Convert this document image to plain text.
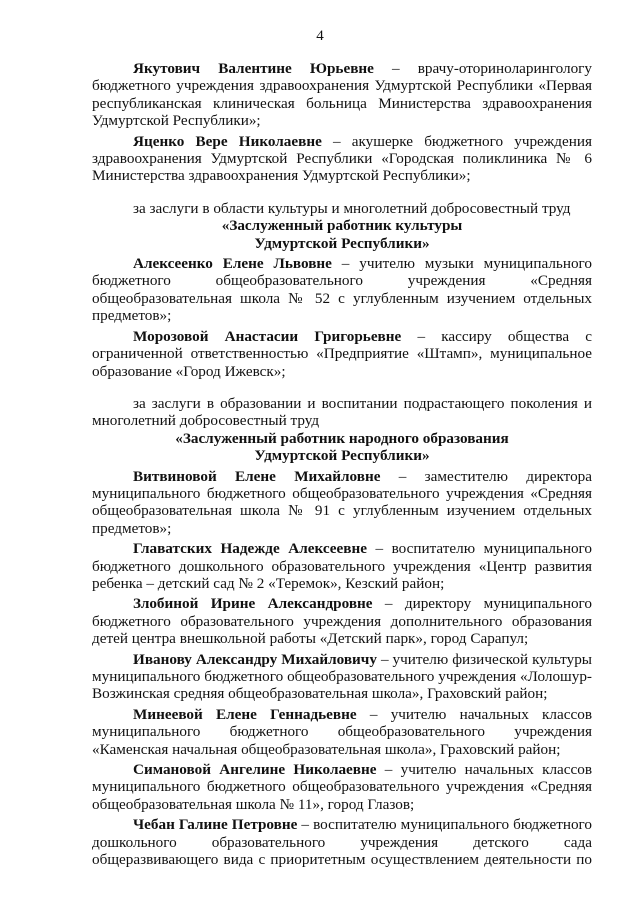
4

Якутович Валентине Юрьевне – врачу-оториноларингологу бюджетного учреждения здравоохранения Удмуртской Республики «Первая республиканская клиническая больница Министерства здравоохранения Удмуртской Республики»;

Яценко Вере Николаевне – акушерке бюджетного учреждения здравоохранения Удмуртской Республики «Городская поликлиника № 6 Министерства здравоохранения Удмуртской Республики»;

за заслуги в области культуры и многолетний добросовестный труд

«Заслуженный работник культуры

Удмуртской Республики»

Алексеенко Елене Львовне – учителю музыки муниципального бюджетного общеобразовательного учреждения «Средняя общеобразовательная школа № 52 с углубленным изучением отдельных предметов»;

Морозовой Анастасии Григорьевне – кассиру общества с ограниченной ответственностью «Предприятие «Штамп», муниципальное образование «Город Ижевск»;

за заслуги в образовании и воспитании подрастающего поколения и многолетний добросовестный труд

«Заслуженный работник народного образования

Удмуртской Республики»

Витвиновой Елене Михайловне – заместителю директора муниципального бюджетного общеобразовательного учреждения «Средняя общеобразовательная школа № 91 с углубленным изучением отдельных предметов»;

Главатских Надежде Алексеевне – воспитателю муниципального бюджетного дошкольного образовательного учреждения «Центр развития ребенка – детский сад № 2 «Теремок», Кезский район;

Злобиной Ирине Александровне – директору муниципального бюджетного образовательного учреждения дополнительного образования детей центра внешкольной работы «Детский парк», город Сарапул;

Иванову Александру Михайловичу – учителю физической культуры муниципального бюджетного общеобразовательного учреждения «Лолошур-Возжинская средняя общеобразовательная школа», Граховский район;

Минеевой Елене Геннадьевне – учителю начальных классов муниципального бюджетного общеобразовательного учреждения «Каменская начальная общеобразовательная школа», Граховский район;

Симановой Ангелине Николаевне – учителю начальных классов муниципального бюджетного общеобразовательного учреждения «Средняя общеобразовательная школа № 11», город Глазов;

Чебан Галине Петровне – воспитателю муниципального бюджетного дошкольного образовательного учреждения детского сада общеразвивающего вида с приоритетным осуществлением деятельности по
